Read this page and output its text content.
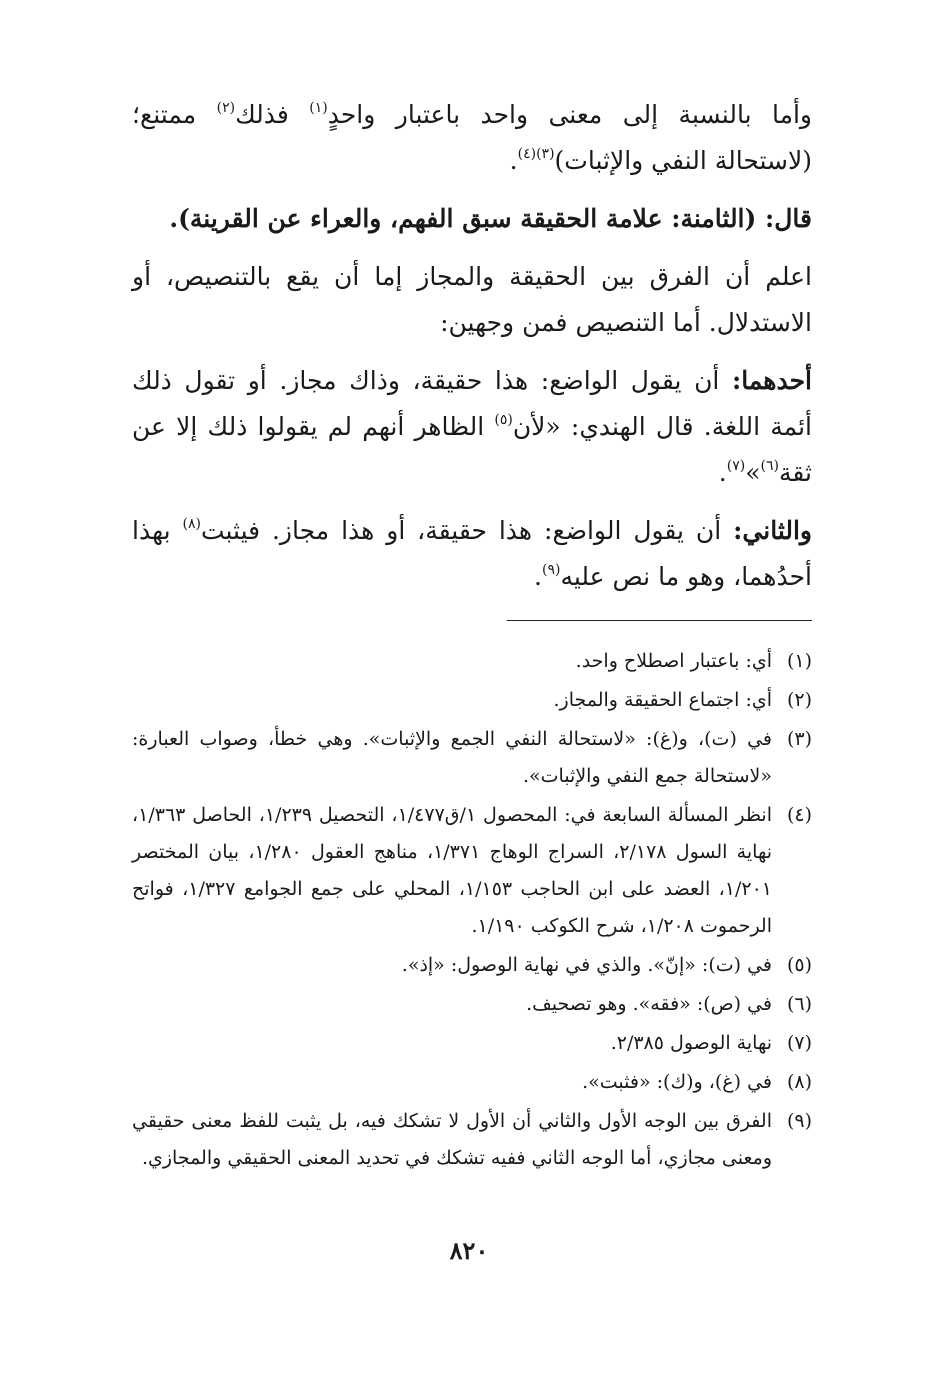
وأما بالنسبة إلى معنى واحد باعتبار واحدٍ$^{(١)}$ فذلك$^{(٢)}$ ممتنع؛ (لاستحالة النفي والإثبات)$^{(٣)(٤)}$.

قال: (الثامنة: علامة الحقيقة سبق الفهم، والعراء عن القرينة).

اعلم أن الفرق بين الحقيقة والمجاز إما أن يقع بالتنصيص، أو الاستدلال. أما التنصيص فمن وجهين:

أحدهما: أن يقول الواضع: هذا حقيقة، وذاك مجاز. أو تقول ذلك أئمة اللغة. قال الهندي: «لأن$^{(٥)}$ الظاهر أنهم لم يقولوا ذلك إلا عن ثقة$^{(٦)}$»$^{(٧)}$.

والثاني: أن يقول الواضع: هذا حقيقة، أو هذا مجاز. فيثبت$^{(٨)}$ بهذا أحدُهما، وهو ما نص عليه$^{(٩)}$.

(١)
أي: باعتبار اصطلاح واحد.
(٢)
أي: اجتماع الحقيقة والمجاز.
(٣)
في (ت)، و(غ): «لاستحالة النفي الجمع والإثبات». وهي خطأ، وصواب العبارة: «لاستحالة جمع النفي والإثبات».
(٤)
انظر المسألة السابعة في: المحصول ١/ق١/٤٧٧، التحصيل ١/٢٣٩، الحاصل ١/٣٦٣، نهاية السول ٢/١٧٨، السراج الوهاج ١/٣٧١، مناهج العقول ١/٢٨٠، بيان المختصر ١/٢٠١، العضد على ابن الحاجب ١/١٥٣، المحلي على جمع الجوامع ١/٣٢٧، فواتح الرحموت ١/٢٠٨، شرح الكوكب ١/١٩٠.
(٥)
في (ت): «إنّ». والذي في نهاية الوصول: «إذ».
(٦)
في (ص): «فقه». وهو تصحيف.
(٧)
نهاية الوصول ٢/٣٨٥.
(٨)
في (غ)، و(ك): «فثبت».
(٩)
الفرق بين الوجه الأول والثاني أن الأول لا تشكك فيه، بل يثبت للفظ معنى حقيقي ومعنى مجازي، أما الوجه الثاني ففيه تشكك في تحديد المعنى الحقيقي والمجازي.
٨٢٠
